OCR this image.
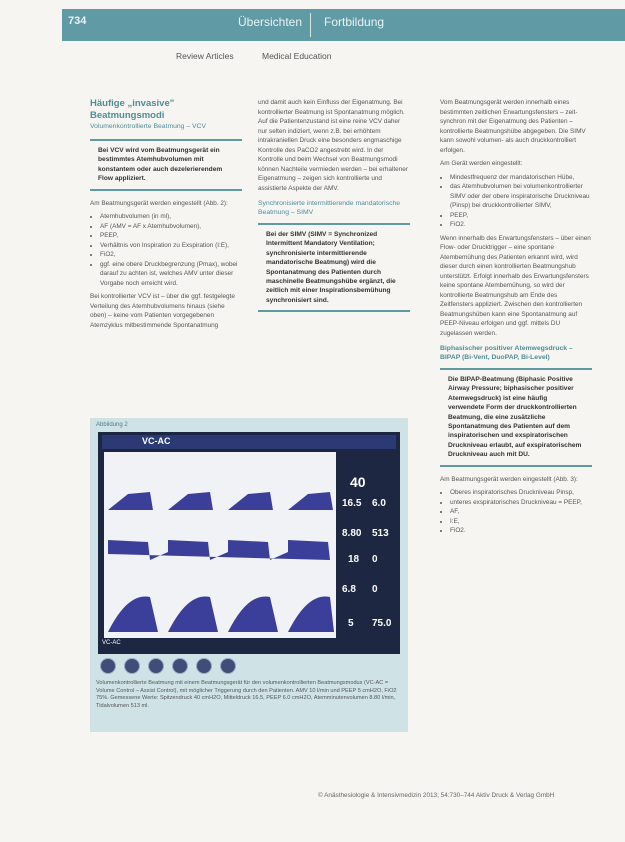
734	Übersichten Fortbildung
Review Articles	Medical Education
Häufige „invasive" Beatmungsmodi
Volumenkontrollierte Beatmung – VCV
Bei VCV wird vom Beatmungsgerät ein bestimmtes Atemhubvolumen mit konstantem oder auch dezelerierendem Flow appliziert.

Am Beatmungsgerät werden eingestellt (Abb. 2):

• Atemhubvolumen (in ml),
• AF (AMV = AF x Atemhubvolumen),
• PEEP,
• Verhältnis von Inspiration zu Exspiration (I:E),
• FiO2,
• ggf. eine obere Druckbegrenzung (Pmax), wobei darauf zu achten ist, welches AMV unter dieser Vorgabe noch erreicht wird.

Bei kontrollierter VCV ist – über die ggf. festgelegte Verteilung des Atemhubvolumens hinaus (siehe oben) – keine vom Patienten vorgegebenen Atemzyklus mitbestimmende Spontanatmung

und damit auch kein Einfluss der Eigenatmung. Bei kontrollierter Beatmung ist Spontanatmung möglich. Auf die Patientenzustand ist eine reine VCV daher nur selten indiziert, wenn z.B. bei erhöhtem intrakraniellen Druck eine besonders engmaschige Kontrolle des PaCO2 angestrebt wird. In der Kontrolle und beim Wechsel von Beatmungsmodi können Nachteile vermieden werden – bei erhaltener Eigenatmung – zeigen sich kontrollierte und assistierte Aspekte der AMV.

Synchronisierte intermittierende mandatorische Beatmung – SIMV
Bei der SIMV (SIMV = Synchronized Intermittent Mandatory Ventilation; synchronisierte intermittierende mandatorische Beatmung) wird die Spontanatmung des Patienten durch maschinelle Beatmungshübe ergänzt, die zeitlich mit einer Inspirationsbemühung synchronisiert sind.

Vom Beatmungsgerät werden innerhalb eines bestimmten zeitlichen Erwartungsfensters – zeit-synchron mit der Eigenatmung des Patienten – kontrollierte Beatmungshübe abgegeben. Die SIMV kann sowohl volumen- als auch druckkontrolliert erfolgen.

Am Gerät werden eingestellt:

• Mindestfrequenz der mandatorischen Hübe,
• das Atemhubvolumen bei volumenkontrollierter SIMV oder der obere inspiratorische Druckniveau (Pinsp) bei druckkontrollierter SIMV,
• PEEP,
• FiO2.

Wenn innerhalb des Erwartungsfensters – über einen Flow- oder Drucktrigger – eine spontane Atembemühung des Patienten erkannt wird, wird dieser durch einen kontrollierten Beatmungshub unterstützt. Erfolgt innerhalb des Erwartungsfensters keine spontane Atembemühung, so wird der kontrollierte Beatmungshub am Ende des Zeitfensters appliziert. Zwischen den kontrollierten Beatmungshüben kann eine Spontanatmung auf PEEP-Niveau erfolgen und ggf. mittels DU zugelassen werden.

Biphasischer positiver Atemwegsdruck – BIPAP (Bi-Vent, DuoPAP, Bi-Level)
Die BIPAP-Beatmung (Biphasic Positive Airway Pressure; biphasischer positiver Atemwegsdruck) ist eine häufig verwendete Form der druckkontrollierten Beatmung, die eine zusätzliche Spontanatmung des Patienten auf dem inspiratorischen und exspiratorischen Druckniveau erlaubt, auf exspiratorischem Druckniveau auch mit DU.

Am Beatmungsgerät werden eingestellt (Abb. 3):

• Oberes inspiratorisches Druckniveau Pinsp,
• unteres exspiratorisches Druckniveau = PEEP,
• AF,
• I:E,
• FiO2.
Abbildung 2
VC-AC
40
16.5 6.0
8.80 513
18 0
6.8 0
5 75.0
VC-AC
Volumenkontrollierte Beatmung mit einem Beatmungsgerät für den volumenkontrollierten Beatmungsmodus (VC-AC = Volume Control – Assist Control), mit möglicher Triggerung durch den Patienten. AMV 10 l/min und PEEP 5 cmH2O, FiO2 75%. Gemessene Werte: Spitzendruck 40 cmH2O, Mitteldruck 16.5, PEEP 6.0 cmH2O, Atemminutenvolumen 8.80 l/min, Tidalvolumen 513 ml.
© Anästhesiologie & Intensivmedizin 2013; 54:730–744 Aktiv Druck & Verlag GmbH
